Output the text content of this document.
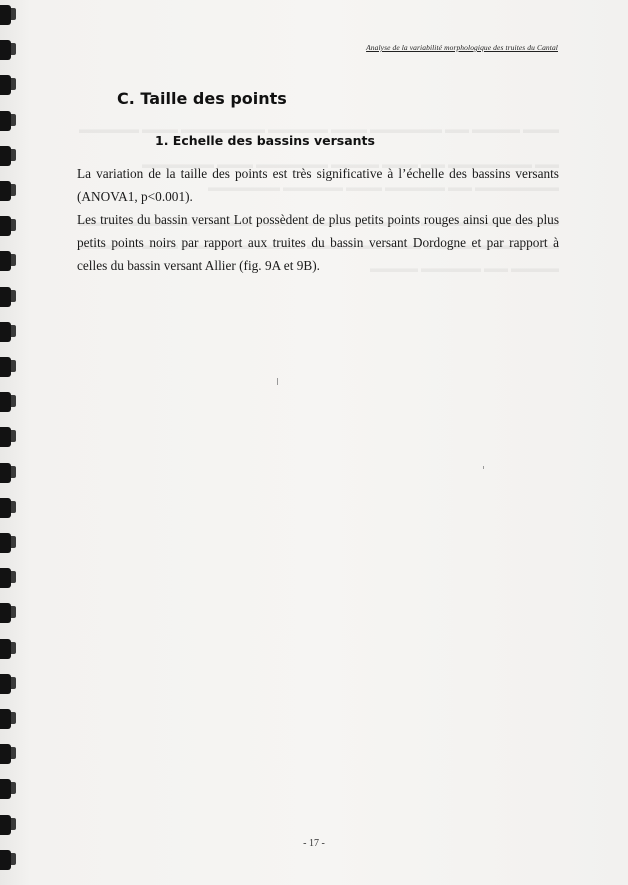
Analyse de la variabilité morphologique des truites du Cantal
C. Taille des points
1. Echelle des bassins versants

La variation de la taille des points est très significative à l’échelle des bassins versants (ANOVA1, p<0.001).

Les truites du bassin versant Lot possèdent de plus petits points rouges ainsi que des plus petits points noirs par rapport aux truites du bassin versant Dordogne et par rapport à celles du bassin versant Allier (fig. 9A et 9B).

- 17 -
